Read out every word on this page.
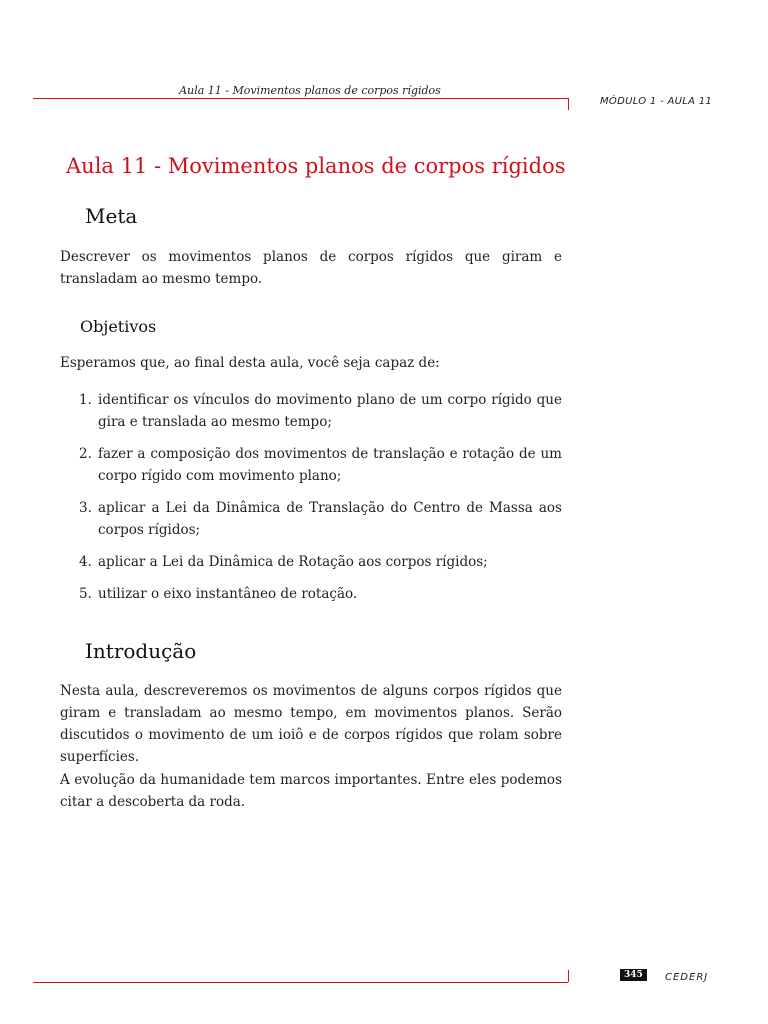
Aula 11 - Movimentos planos de corpos rígidos
MÓDULO 1 - AULA 11
Aula 11 - Movimentos planos de corpos rígidos
Meta

Descrever os movimentos planos de corpos rígidos que giram e transladam ao mesmo tempo.

Objetivos

Esperamos que, ao final desta aula, você seja capaz de:

1. identificar os vínculos do movimento plano de um corpo rígido que gira e translada ao mesmo tempo;
2. fazer a composição dos movimentos de translação e rotação de um corpo rígido com movimento plano;
3. aplicar a Lei da Dinâmica de Translação do Centro de Massa aos corpos rígidos;
4. aplicar a Lei da Dinâmica de Rotação aos corpos rígidos;
5. utilizar o eixo instantâneo de rotação.
Introdução

Nesta aula, descreveremos os movimentos de alguns corpos rígidos que giram e transladam ao mesmo tempo, em movimentos planos. Serão discutidos o movimento de um ioiô e de corpos rígidos que rolam sobre superfícies.

A evolução da humanidade tem marcos importantes. Entre eles podemos citar a descoberta da roda.

345	CEDERJ
